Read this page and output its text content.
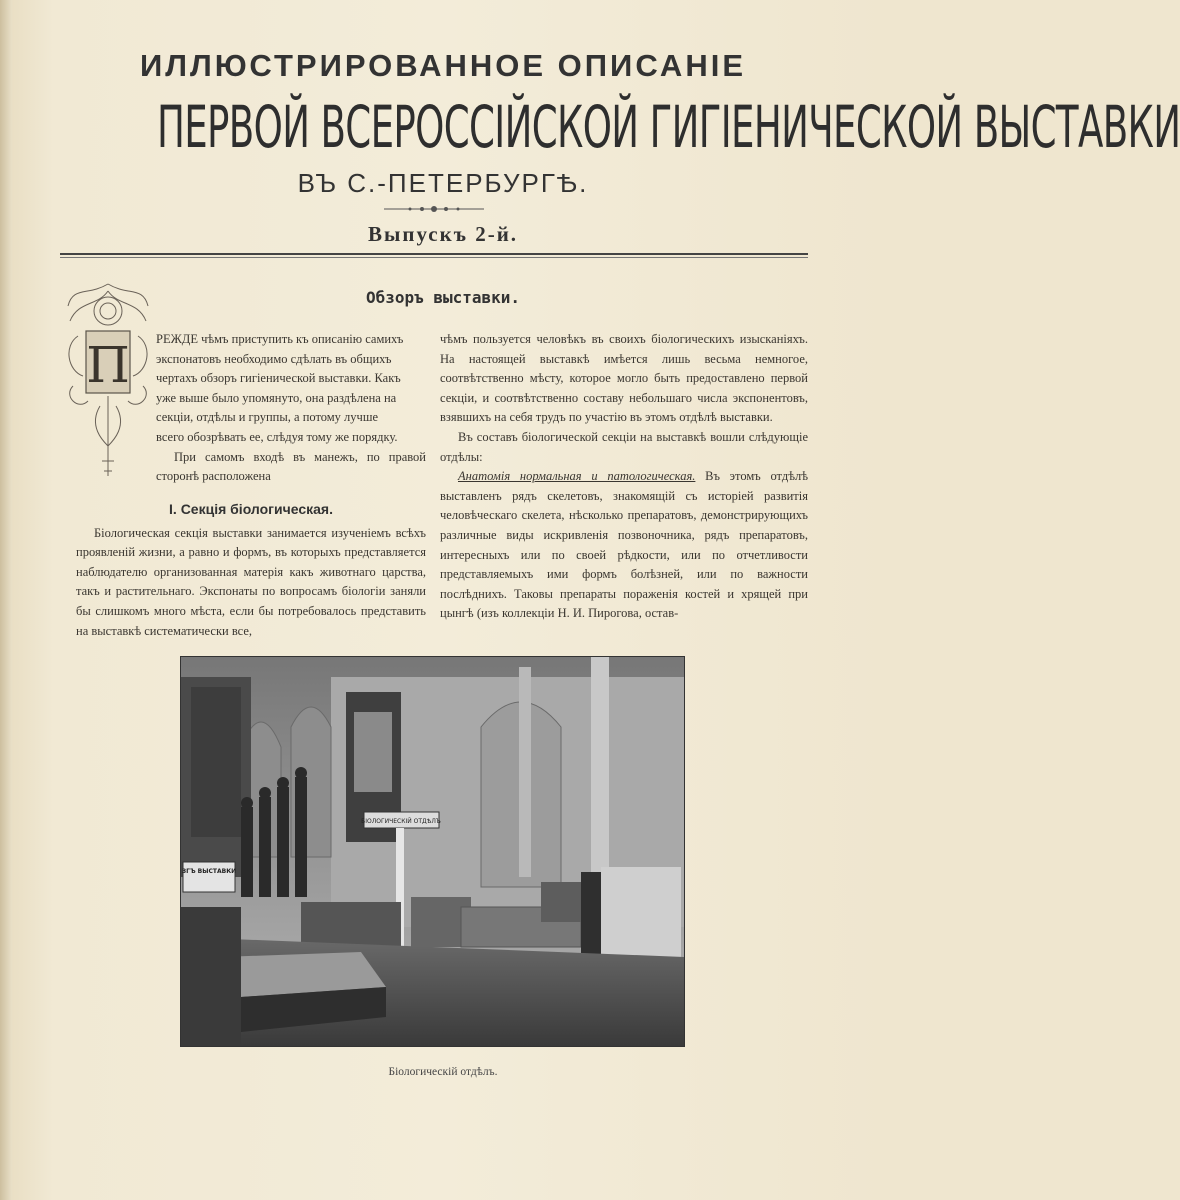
ИЛЛЮСТРИРОВАННОЕ ОПИСАНIЕ
ПЕРВОЙ ВСЕРОССIЙСКОЙ ГИГIЕНИЧЕСКОЙ ВЫСТАВКИ
ВЪ С.-ПЕТЕРБУРГѢ.
Выпускъ 2-й.
Обзоръ выставки.
П РЕЖДЕ чѣмъ приступить къ описанiю самихъ

экспонатовъ необходимо сдѣлать въ общихъ

чертахъ обзоръ гигiенической выставки. Какъ

уже выше было упомянуто, она раздѣлена на

секцiи, отдѣлы и группы, а потому лучше

всего обозрѣвать ее, слѣдуя тому же порядку.

При самомъ входѣ въ манежъ, по правой сторонѣ расположена

I. Секцiя бiологическая.

Бiологическая секцiя выставки занимается изученiемъ всѣхъ проявленiй жизни, а равно и формъ, въ которыхъ представляется наблюдателю организованная матерiя какъ животнаго царства, такъ и растительнаго. Экспонаты по вопросамъ бiологiи заняли бы слишкомъ много мѣста, если бы потребовалось представить на выставкѣ систематически все,

чѣмъ пользуется человѣкъ въ своихъ бiологическихъ изысканiяхъ. На настоящей выставкѣ имѣется лишь весьма немногое, соотвѣтственно мѣсту, которое могло быть предоставлено первой секцiи, и соотвѣтственно составу небольшаго числа экспонентовъ, взявшихъ на себя трудъ по участiю въ этомъ отдѣлѣ выставки.

Въ составъ бiологической секцiи на выставкѣ вошли слѣдующiе отдѣлы:

Анатомiя нормальная и патологическая. Въ этомъ отдѣлѣ выставленъ рядъ скелетовъ, знакомящiй съ исторiей развитiя человѣческаго скелета, нѣсколько препаратовъ, демонстрирующихъ различные виды искривленiя позвоночника, рядъ препаратовъ, интересныхъ или по своей рѣдкости, или по отчетливости представляемыхъ ими формъ болѣзней, или по важности послѣднихъ. Таковы препараты пораженiя костей и хрящей при цынгѣ (изъ коллекцiи Н. И. Пирогова, остав-

БIОЛОГИЧЕСКIЙ ОТДѢЛЪ
ЗГЪ ВЫСТАВКИ
Бiологическiй отдѣлъ.
